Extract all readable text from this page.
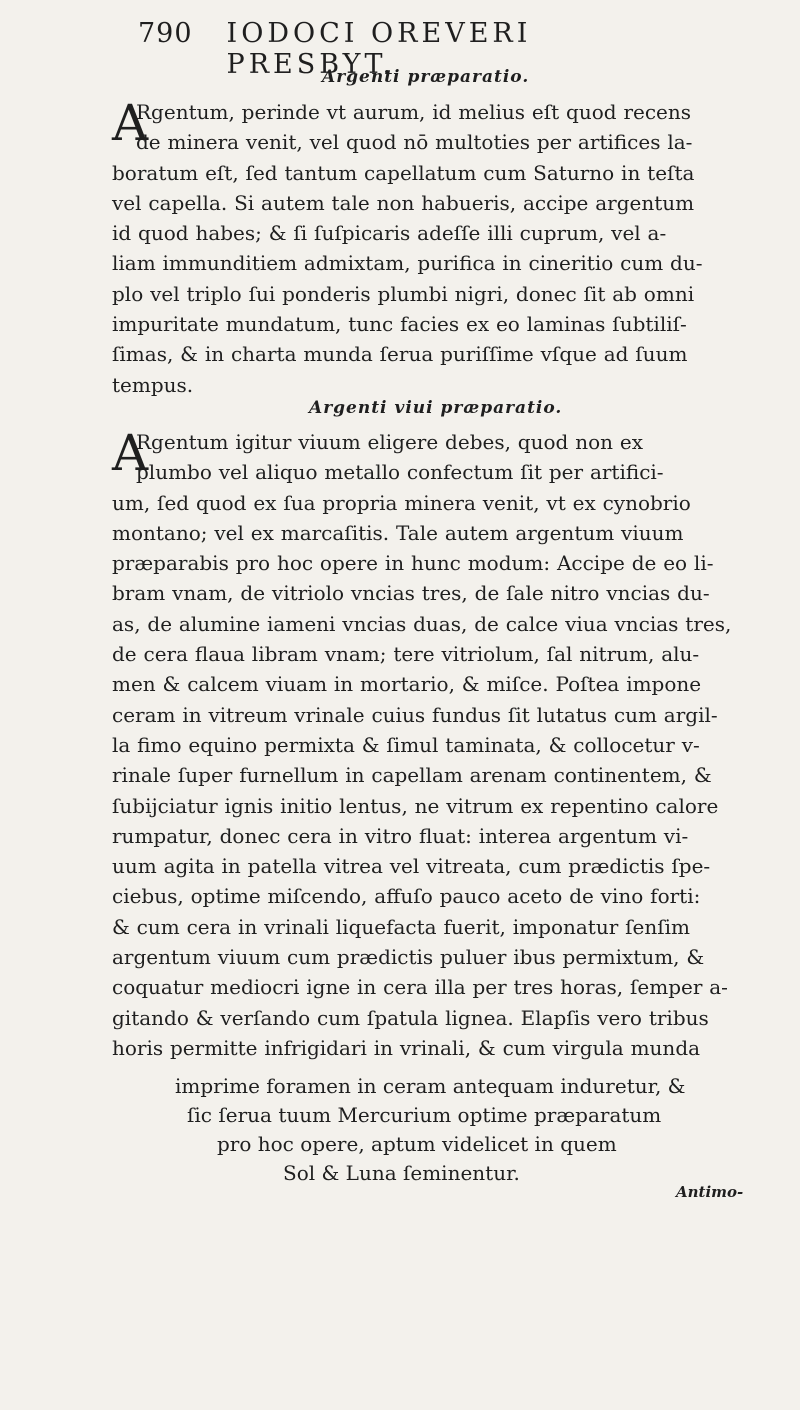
790 IODOCI OREVERI PRESBYT.
Argenti præparatio.
A
Rgentum, perinde vt aurum, id melius eſt quod recens
de minera venit, vel quod nō multoties per artifices la-
boratum eſt, ſed tantum capellatum cum Saturno in teſta
vel capella. Si autem tale non habueris, accipe argentum
id quod habes; & ſi ſuſpicaris adeſſe illi cuprum, vel a-
liam immunditiem admixtam, purifica in cineritio cum du-
plo vel triplo ſui ponderis plumbi nigri, donec ſit ab omni
impuritate mundatum, tunc facies ex eo laminas ſubtiliſ-
ſimas, & in charta munda ſerua puriſſime vſque ad ſuum
tempus.
Argenti viui præparatio.
A
Rgentum igitur viuum eligere debes, quod non ex
plumbo vel aliquo metallo confectum ſit per artifici-
um, ſed quod ex ſua propria minera venit, vt ex cynobrio
montano; vel ex marcaſitis. Tale autem argentum viuum
præparabis pro hoc opere in hunc modum: Accipe de eo li-
bram vnam, de vitriolo vncias tres, de ſale nitro vncias du-
as, de alumine iameni vncias duas, de calce viua vncias tres,
de cera flaua libram vnam; tere vitriolum, ſal nitrum, alu-
men & calcem viuam in mortario, & miſce. Poſtea impone
ceram in vitreum vrinale cuius fundus ſit lutatus cum argil-
la fimo equino permixta & ſimul taminata, & collocetur v-
rinale ſuper furnellum in capellam arenam continentem, &
ſubijciatur ignis initio lentus, ne vitrum ex repentino calore
rumpatur, donec cera in vitro fluat: interea argentum vi-
uum agita in patella vitrea vel vitreata, cum prædictis ſpe-
ciebus, optime miſcendo, affuſo pauco aceto de vino forti:
& cum cera in vrinali liquefacta fuerit, imponatur ſenſim
argentum viuum cum prædictis puluer ibus permixtum, &
coquatur mediocri igne in cera illa per tres horas, ſemper a-
gitando & verſando cum ſpatula lignea. Elapſis vero tribus
horis permitte infrigidari in vrinali, & cum virgula munda
imprime foramen in ceram antequam induretur, &
ſic ſerua tuum Mercurium optime præparatum
pro hoc opere, aptum videlicet in quem
Sol & Luna ſeminentur.
Antimo-
